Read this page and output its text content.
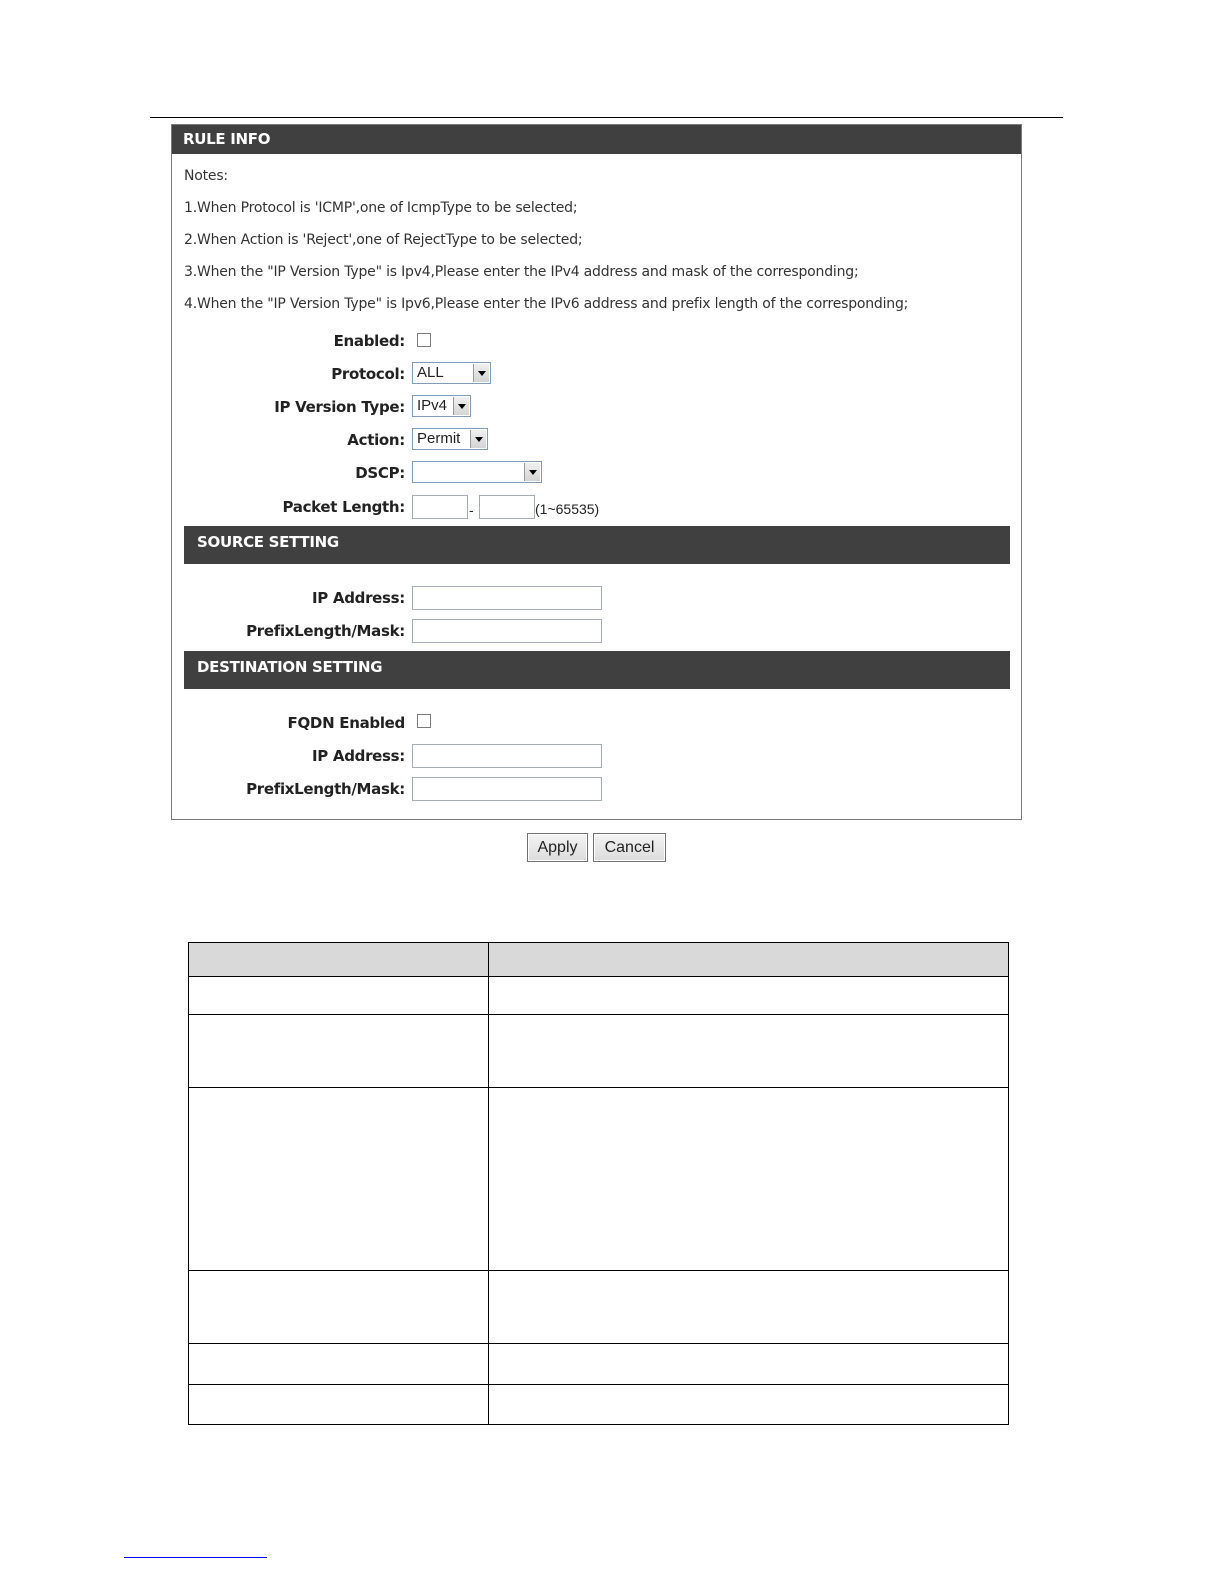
RULE INFO
Notes:
1.When Protocol is 'ICMP',one of IcmpType to be selected;
2.When Action is 'Reject',one of RejectType to be selected;
3.When the "IP Version Type" is Ipv4,Please enter the IPv4 address and mask of the corresponding;
4.When the "IP Version Type" is Ipv6,Please enter the IPv6 address and prefix length of the corresponding;
Enabled:
Protocol: ALL
IP Version Type: IPv4
Action: Permit
DSCP:
Packet Length:	-	(1~65535)
SOURCE SETTING
IP Address:
PrefixLength/Mask:
DESTINATION SETTING
FQDN Enabled
IP Address:
PrefixLength/Mask:
Apply	Cancel
